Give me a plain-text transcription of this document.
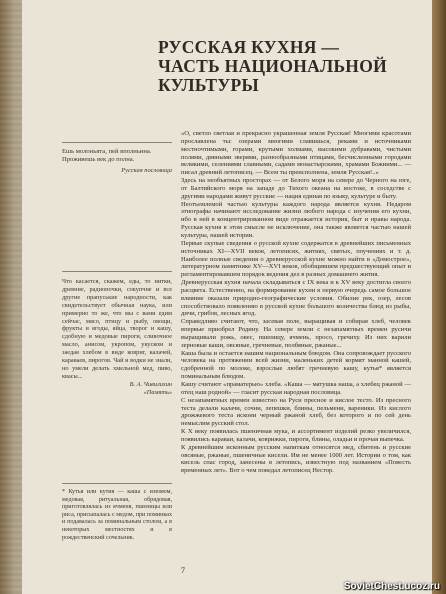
РУССКАЯ КУХНЯ —
ЧАСТЬ НАЦИОНАЛЬНОЙ
КУЛЬТУРЫ
Ешь молоньята, пей вполньина. Проживешь век до полна.
Русская пословица
Что касается, скажем, еды, то нитки, древние, радиопочки, сокупчне и все другие прапуськие народности, как свидетельствует обычная наука, или примерно то же, что мы с вами едим сейчас, мясо, птицу и рыбу, овощи, фрукты и ягоды, яйца, творог и кашу, сдобную и медовые пироги, сливочное масло, анисом, укропом, укуском и заедая хлебом в виде ковриг, калачей, караваев, пирогов. Чай и водки не знали, но умели делать хмельной мед, пиво, квасы...
В. А. Чивилихин
«Память»
* Кутья или кутия — каша с изюмом, медовая, ритуальная, обрядовая, приготовлялась из ячменя, пшеницы или риса, присыпалась с медом, при поминках и подавалась за поминальным столом, а в некоторых местностях и в рождественский сочельник.

«О, светло светлая и прекрасно украшенная земля Русская! Многими красотами прославлена ты: озерами многими славишься, реками и источниками местночтимыми, горами, крутыми холмами, высокими дубравами, чистыми полями, дивными зверями, разнообразными птицами, бесчисленными городами великими, селениями славными, садами монастырскими, храмами Божиими... — писал древний летописец. — Всем ты преисполнена, земля Русская!..»

Здесь на необъятных просторах — от Белого моря на севере до Черного на юге, от Балтийского моря на западе до Тихого океана на востоке, в соседстве с другими народами живут русские — нация единая по языку, культуре и быту.

Неотъемлемой частью культуры каждого народа является кухня. Недаром этнографы начинают исследование жизни любого народа с изучения его кухни, ибо в ней в концентрированном виде отражается история, быт и нравы народа. Русская кухня в этом смысле не исключение, она также является частью нашей культуры, нашей истории.

Первые скупые сведения о русской кухне содержатся в древнейших письменных источниках XI—XVII веков, летописях, житиях, святых, поучениях и т. д. Наиболее полные сведения о древнерусской кухне можно найти в «Домострое», литературном памятнике XV—XVI веков, обобщившем предшествующий опыт и регламентировавшем порядок ведения дел в разных домашнего жития.

Древнерусская кухня начала складываться с IX века и к XV веку достигла своего расцвета. Естественно, на формирование кухни в первую очередь самое большое влияние оказали природно-географические условия. Обилие рек, озер, лесов способствовало появлению в русской кухне большого количества блюд из рыбы, дичи, грибов, лесных ягод.

Справедливо считают, что, засевая поле, выращивая и собирая хлеб, человек впервые приобрел Родину. На севере земли с незапамятных времен русичи выращивали рожь, овес, пшеницу, ячмень, просо, гречиху. Из них варили зерновые каши, овсяные, гречневые, полбяные, ржаные...

Каша была и остается нашим национальным блюдом. Она сопровождает русского человека на протяжении всей жизни, маленьких детей кормят манной кашей, сдобренной по молоке, взрослые любят гречневую кашу, кутья* является поминальным блюдом.

Кашу считают «праматерью» хлеба. «Каша — матушка наша, а хлебец ржаной — отец наш родной» — гласит русская народная пословица.

С незапамятных времен известно на Руси пресное и кислое тесто. Из пресного теста делали калачи, сочни, лепешки, блины, пельмени, вареники. Из кислого дрожжевого теста искони черный ржаной хлеб, без которого и по сей день немыслим русский стол.

К X веку появилась пшеничная мука, и ассортимент изделий резко увеличился, появились караваи, калачи, коврижки, пироги, блины, оладьи и прочая выпечка.

К древнейшим исконным русским напиткам относятся мед, сбитень и русские овсяные, ржаные, пшеничные кисели. Им не менее 1000 лет. Истории о том, как кисель спас город, занесены в летопись, известную под названием «Повесть временных лет». Вот о чем поведал летописец Нестор.

7
SovietChest.ucoz.ru
